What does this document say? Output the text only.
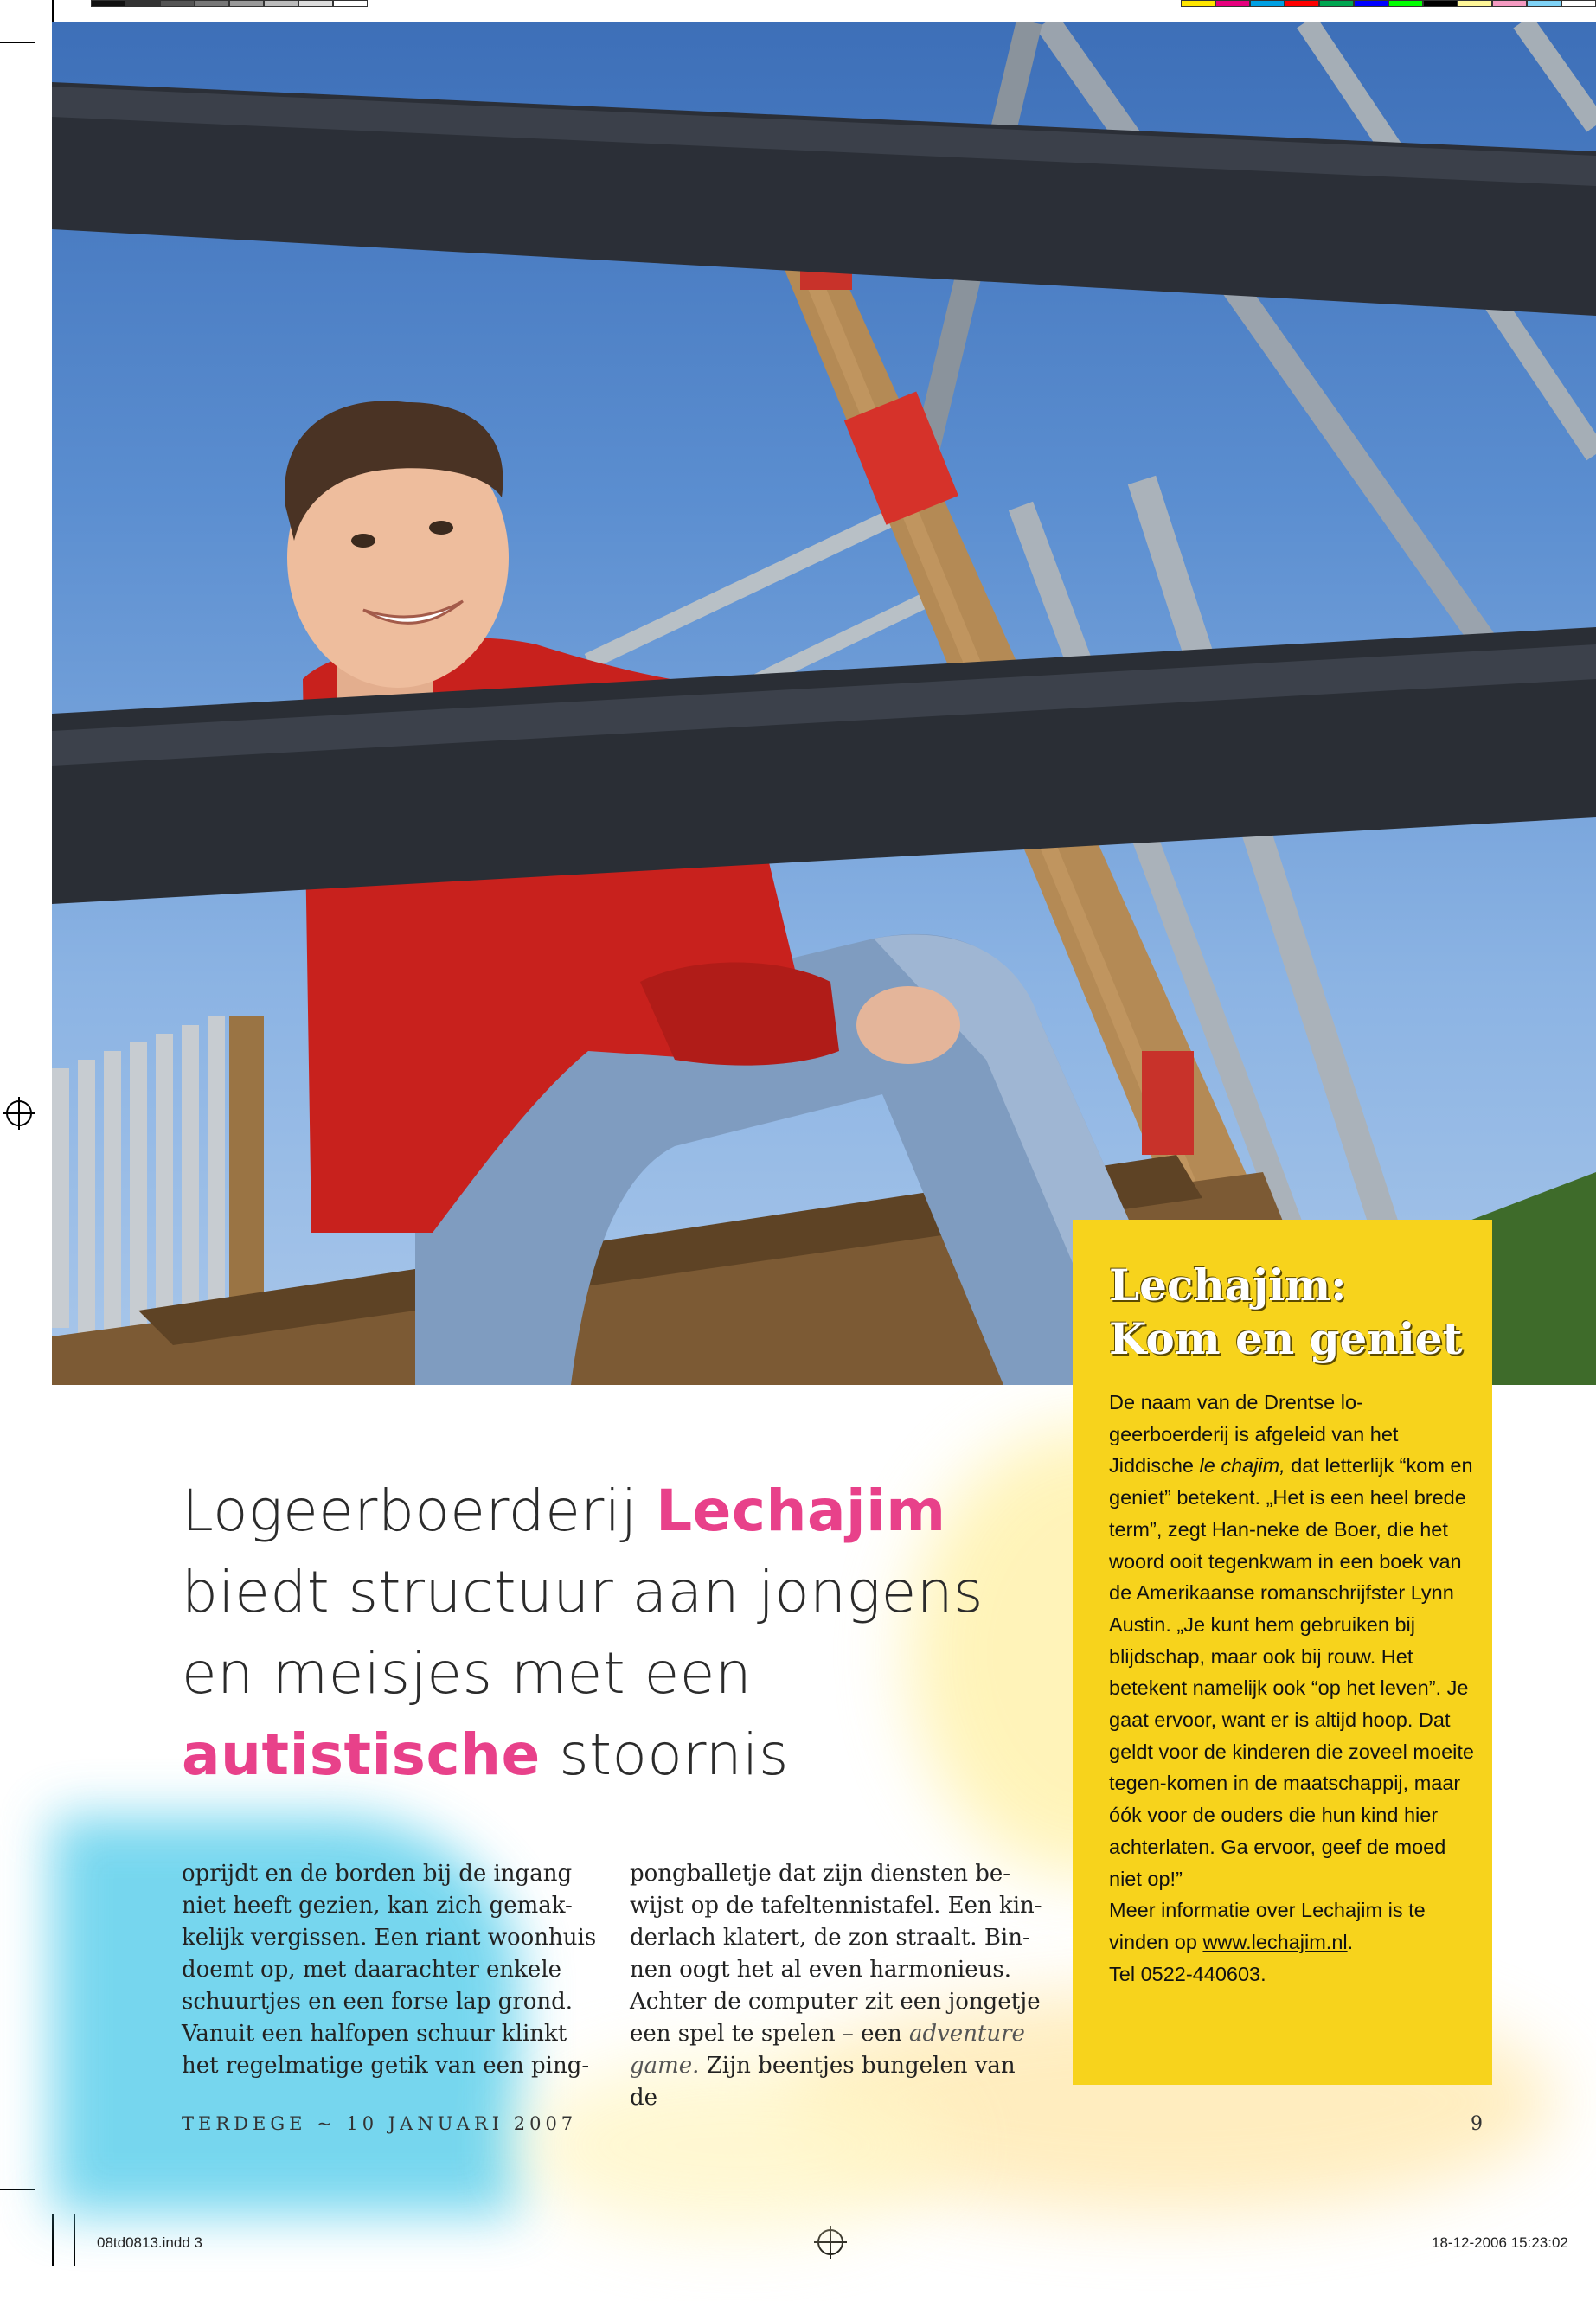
Logeerboerderij Lechajim
biedt structuur aan jongens
en meisjes met een
autistische stoornis
oprijdt en de borden bij de ingang niet heeft gezien, kan zich gemak-kelijk vergissen. Een riant woonhuis doemt op, met daarachter enkele schuurtjes en een forse lap grond. Vanuit een halfopen schuur klinkt het regelmatige getik van een ping-
pongballetje dat zijn diensten be-wijst op de tafeltennistafel. Een kin-derlach klatert, de zon straalt. Bin-nen oogt het al even harmonieus. Achter de computer zit een jongetje een spel te spelen – een adventure game. Zijn beentjes bungelen van de
Lechajim:
Kom en geniet
De naam van de Drentse lo-geerboerderij is afgeleid van het Jiddische le chajim, dat letterlijk “kom en geniet” betekent. „Het is een heel brede term”, zegt Han-neke de Boer, die het woord ooit tegenkwam in een boek van de Amerikaanse romanschrijfster Lynn Austin. „Je kunt hem gebruiken bij blijdschap, maar ook bij rouw. Het betekent namelijk ook “op het leven”. Je gaat ervoor, want er is altijd hoop. Dat geldt voor de kinderen die zoveel moeite tegen-komen in de maatschappij, maar óók voor de ouders die hun kind hier achterlaten. Ga ervoor, geef de moed niet op!”
Meer informatie over Lechajim is te vinden op www.lechajim.nl.
Tel 0522-440603.
TERDEGE ~ 10 JANUARI 2007	9
08td0813.indd 3	18-12-2006 15:23:02
